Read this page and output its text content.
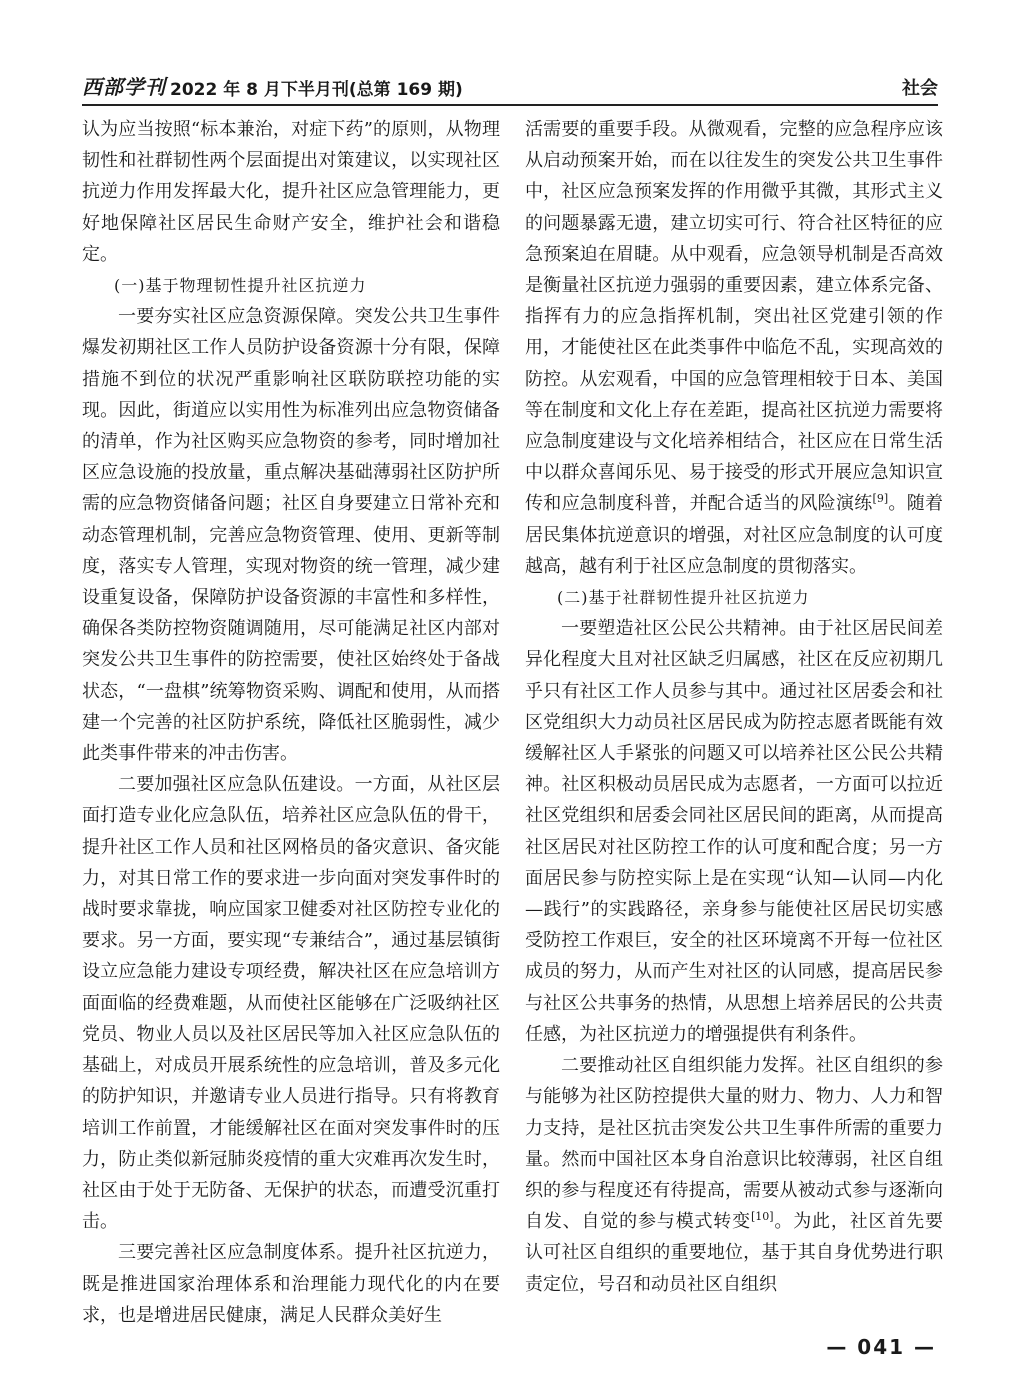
西部学刊 2022 年 8 月下半月刊(总第 169 期)	社会

认为应当按照“标本兼治，对症下药”的原则，从物理韧性和社群韧性两个层面提出对策建议，以实现社区抗逆力作用发挥最大化，提升社区应急管理能力，更好地保障社区居民生命财产安全，维护社会和谐稳定。

(一)基于物理韧性提升社区抗逆力

一要夯实社区应急资源保障。突发公共卫生事件爆发初期社区工作人员防护设备资源十分有限，保障措施不到位的状况严重影响社区联防联控功能的实现。因此，街道应以实用性为标准列出应急物资储备的清单，作为社区购买应急物资的参考，同时增加社区应急设施的投放量，重点解决基础薄弱社区防护所需的应急物资储备问题；社区自身要建立日常补充和动态管理机制，完善应急物资管理、使用、更新等制度，落实专人管理，实现对物资的统一管理，减少建设重复设备，保障防护设备资源的丰富性和多样性，确保各类防控物资随调随用，尽可能满足社区内部对突发公共卫生事件的防控需要，使社区始终处于备战状态，“一盘棋”统筹物资采购、调配和使用，从而搭建一个完善的社区防护系统，降低社区脆弱性，减少此类事件带来的冲击伤害。

二要加强社区应急队伍建设。一方面，从社区层面打造专业化应急队伍，培养社区应急队伍的骨干，提升社区工作人员和社区网格员的备灾意识、备灾能力，对其日常工作的要求进一步向面对突发事件时的战时要求靠拢，响应国家卫健委对社区防控专业化的要求。另一方面，要实现“专兼结合”，通过基层镇街设立应急能力建设专项经费，解决社区在应急培训方面面临的经费难题，从而使社区能够在广泛吸纳社区党员、物业人员以及社区居民等加入社区应急队伍的基础上，对成员开展系统性的应急培训，普及多元化的防护知识，并邀请专业人员进行指导。只有将教育培训工作前置，才能缓解社区在面对突发事件时的压力，防止类似新冠肺炎疫情的重大灾难再次发生时，社区由于处于无防备、无保护的状态，而遭受沉重打击。

三要完善社区应急制度体系。提升社区抗逆力，既是推进国家治理体系和治理能力现代化的内在要求，也是增进居民健康，满足人民群众美好生

活需要的重要手段。从微观看，完整的应急程序应该从启动预案开始，而在以往发生的突发公共卫生事件中，社区应急预案发挥的作用微乎其微，其形式主义的问题暴露无遗，建立切实可行、符合社区特征的应急预案迫在眉睫。从中观看，应急领导机制是否高效是衡量社区抗逆力强弱的重要因素，建立体系完备、指挥有力的应急指挥机制，突出社区党建引领的作用，才能使社区在此类事件中临危不乱，实现高效的防控。从宏观看，中国的应急管理相较于日本、美国等在制度和文化上存在差距，提高社区抗逆力需要将应急制度建设与文化培养相结合，社区应在日常生活中以群众喜闻乐见、易于接受的形式开展应急知识宣传和应急制度科普，并配合适当的风险演练[9]。随着居民集体抗逆意识的增强，对社区应急制度的认可度越高，越有利于社区应急制度的贯彻落实。

(二)基于社群韧性提升社区抗逆力

一要塑造社区公民公共精神。由于社区居民间差异化程度大且对社区缺乏归属感，社区在反应初期几乎只有社区工作人员参与其中。通过社区居委会和社区党组织大力动员社区居民成为防控志愿者既能有效缓解社区人手紧张的问题又可以培养社区公民公共精神。社区积极动员居民成为志愿者，一方面可以拉近社区党组织和居委会同社区居民间的距离，从而提高社区居民对社区防控工作的认可度和配合度；另一方面居民参与防控实际上是在实现“认知—认同—内化—践行”的实践路径，亲身参与能使社区居民切实感受防控工作艰巨，安全的社区环境离不开每一位社区成员的努力，从而产生对社区的认同感，提高居民参与社区公共事务的热情，从思想上培养居民的公共责任感，为社区抗逆力的增强提供有利条件。

二要推动社区自组织能力发挥。社区自组织的参与能够为社区防控提供大量的财力、物力、人力和智力支持，是社区抗击突发公共卫生事件所需的重要力量。然而中国社区本身自治意识比较薄弱，社区自组织的参与程度还有待提高，需要从被动式参与逐渐向自发、自觉的参与模式转变[10]。为此，社区首先要认可社区自组织的重要地位，基于其自身优势进行职责定位，号召和动员社区自组织

— 041 —
